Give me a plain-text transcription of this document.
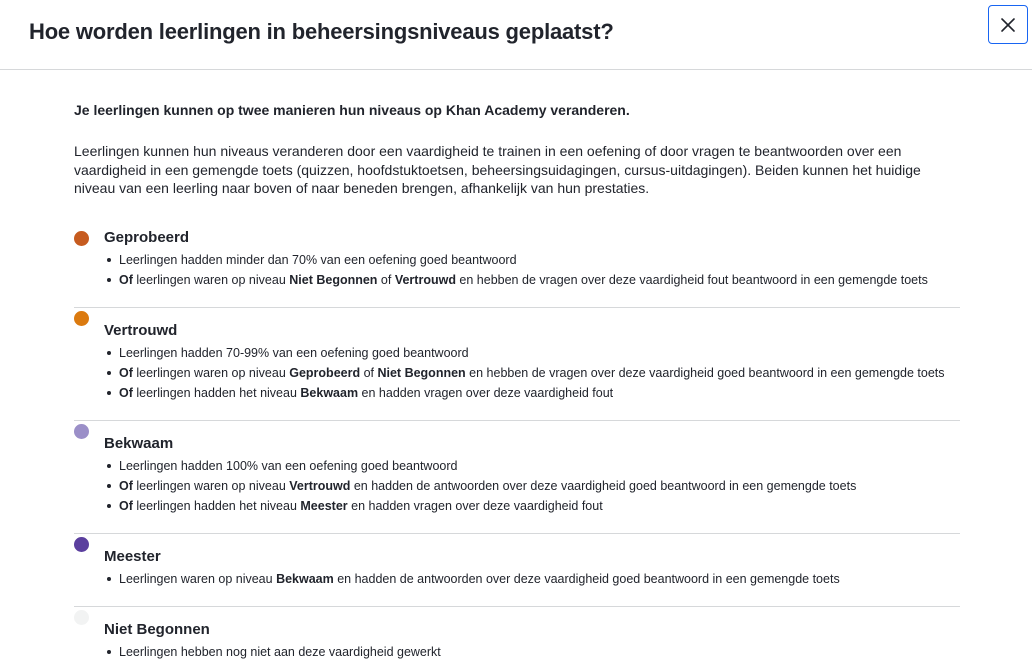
Hoe worden leerlingen in beheersingsniveaus geplaatst?

Je leerlingen kunnen op twee manieren hun niveaus op Khan Academy veranderen.

Leerlingen kunnen hun niveaus veranderen door een vaardigheid te trainen in een oefening of door vragen te beantwoorden over een vaardigheid in een gemengde toets (quizzen, hoofdstuktoetsen, beheersingsuidagingen, cursus-uitdagingen). Beiden kunnen het huidige niveau van een leerling naar boven of naar beneden brengen, afhankelijk van hun prestaties.

Geprobeerd
Leerlingen hadden minder dan 70% van een oefening goed beantwoord
Of leerlingen waren op niveau Niet Begonnen of Vertrouwd en hebben de vragen over deze vaardigheid fout beantwoord in een gemengde toets
Vertrouwd
Leerlingen hadden 70-99% van een oefening goed beantwoord
Of leerlingen waren op niveau Geprobeerd of Niet Begonnen en hebben de vragen over deze vaardigheid goed beantwoord in een gemengde toets
Of leerlingen hadden het niveau Bekwaam en hadden vragen over deze vaardigheid fout
Bekwaam
Leerlingen hadden 100% van een oefening goed beantwoord
Of leerlingen waren op niveau Vertrouwd en hadden de antwoorden over deze vaardigheid goed beantwoord in een gemengde toets
Of leerlingen hadden het niveau Meester en hadden vragen over deze vaardigheid fout
Meester
Leerlingen waren op niveau Bekwaam en hadden de antwoorden over deze vaardigheid goed beantwoord in een gemengde toets
Niet Begonnen
Leerlingen hebben nog niet aan deze vaardigheid gewerkt
